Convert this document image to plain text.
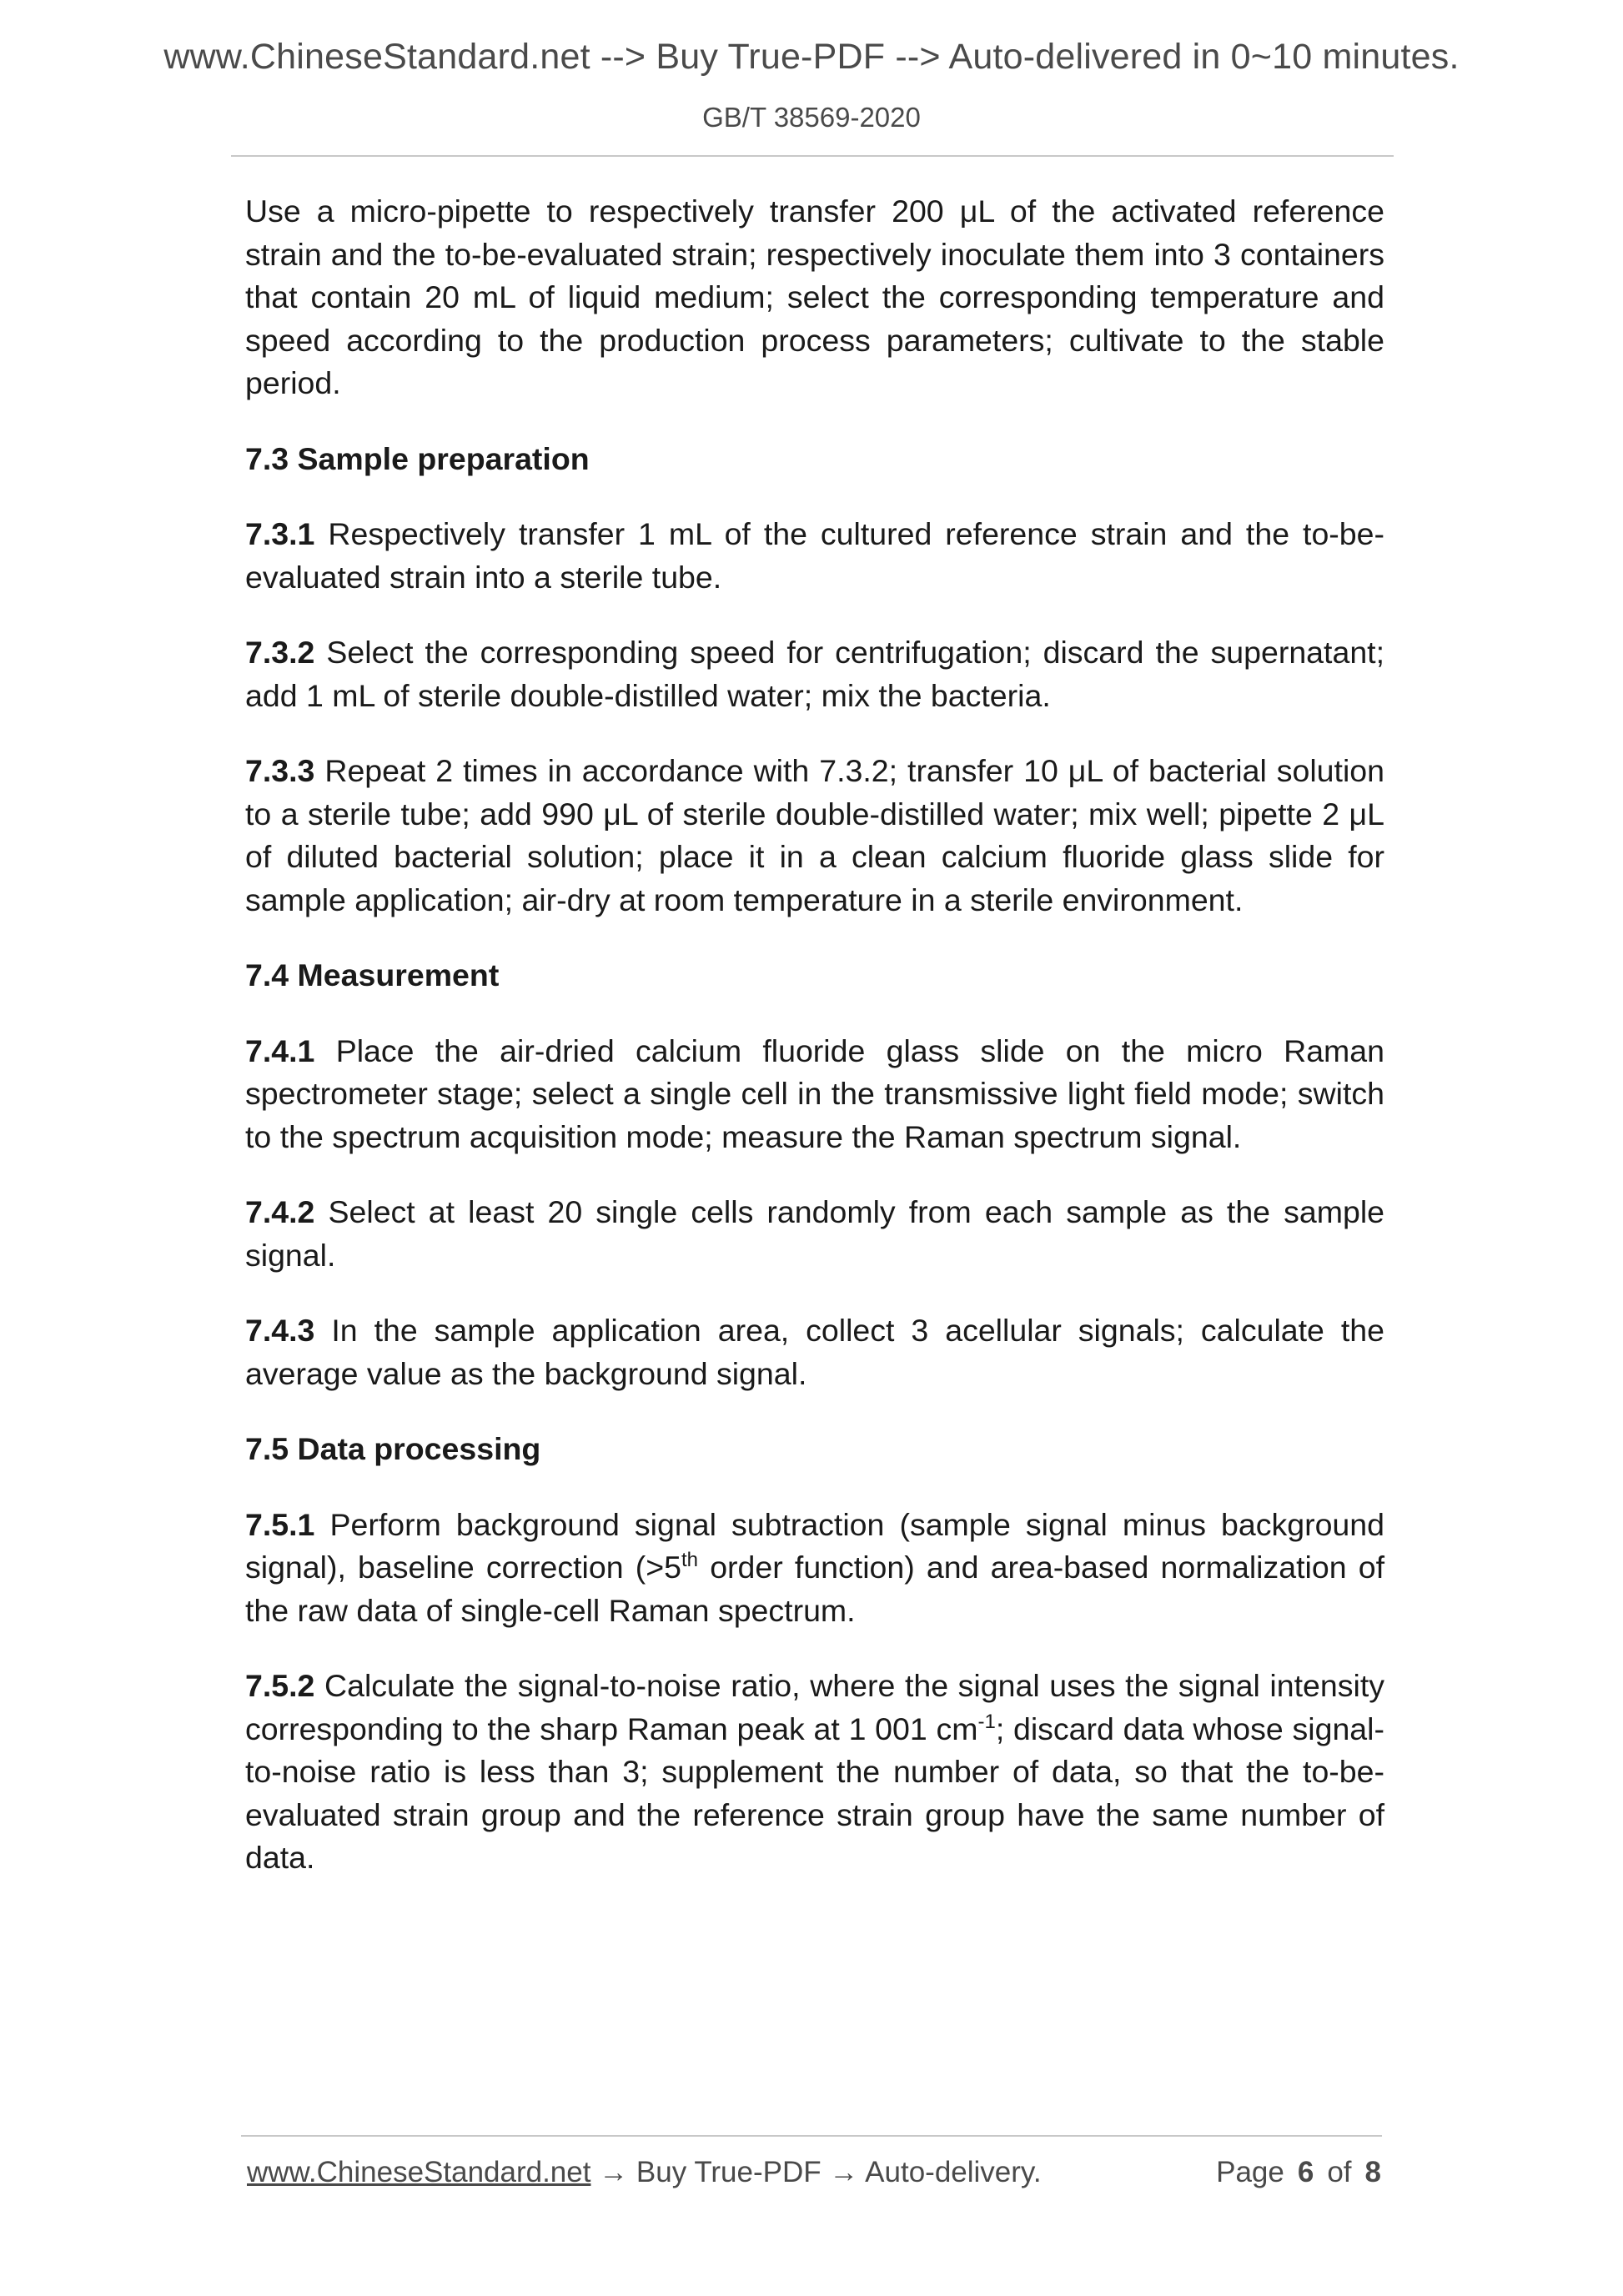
www.ChineseStandard.net --> Buy True-PDF --> Auto-delivered in 0~10 minutes.
GB/T 38569-2020

Use a micro-pipette to respectively transfer 200 μL of the activated reference strain and the to-be-evaluated strain; respectively inoculate them into 3 containers that contain 20 mL of liquid medium; select the corresponding temperature and speed according to the production process parameters; cultivate to the stable period.

7.3 Sample preparation

7.3.1 Respectively transfer 1 mL of the cultured reference strain and the to-be-evaluated strain into a sterile tube.

7.3.2 Select the corresponding speed for centrifugation; discard the supernatant; add 1 mL of sterile double-distilled water; mix the bacteria.

7.3.3 Repeat 2 times in accordance with 7.3.2; transfer 10 μL of bacterial solution to a sterile tube; add 990 μL of sterile double-distilled water; mix well; pipette 2 μL of diluted bacterial solution; place it in a clean calcium fluoride glass slide for sample application; air-dry at room temperature in a sterile environment.

7.4 Measurement

7.4.1 Place the air-dried calcium fluoride glass slide on the micro Raman spectrometer stage; select a single cell in the transmissive light field mode; switch to the spectrum acquisition mode; measure the Raman spectrum signal.

7.4.2 Select at least 20 single cells randomly from each sample as the sample signal.

7.4.3 In the sample application area, collect 3 acellular signals; calculate the average value as the background signal.

7.5 Data processing

7.5.1 Perform background signal subtraction (sample signal minus background signal), baseline correction (>5th order function) and area-based normalization of the raw data of single-cell Raman spectrum.

7.5.2 Calculate the signal-to-noise ratio, where the signal uses the signal intensity corresponding to the sharp Raman peak at 1 001 $cm^{-1}$; discard data whose signal-to-noise ratio is less than 3; supplement the number of data, so that the to-be-evaluated strain group and the reference strain group have the same number of data.

www.ChineseStandard.net → Buy True-PDF → Auto-delivery.	Page 6 of 8
